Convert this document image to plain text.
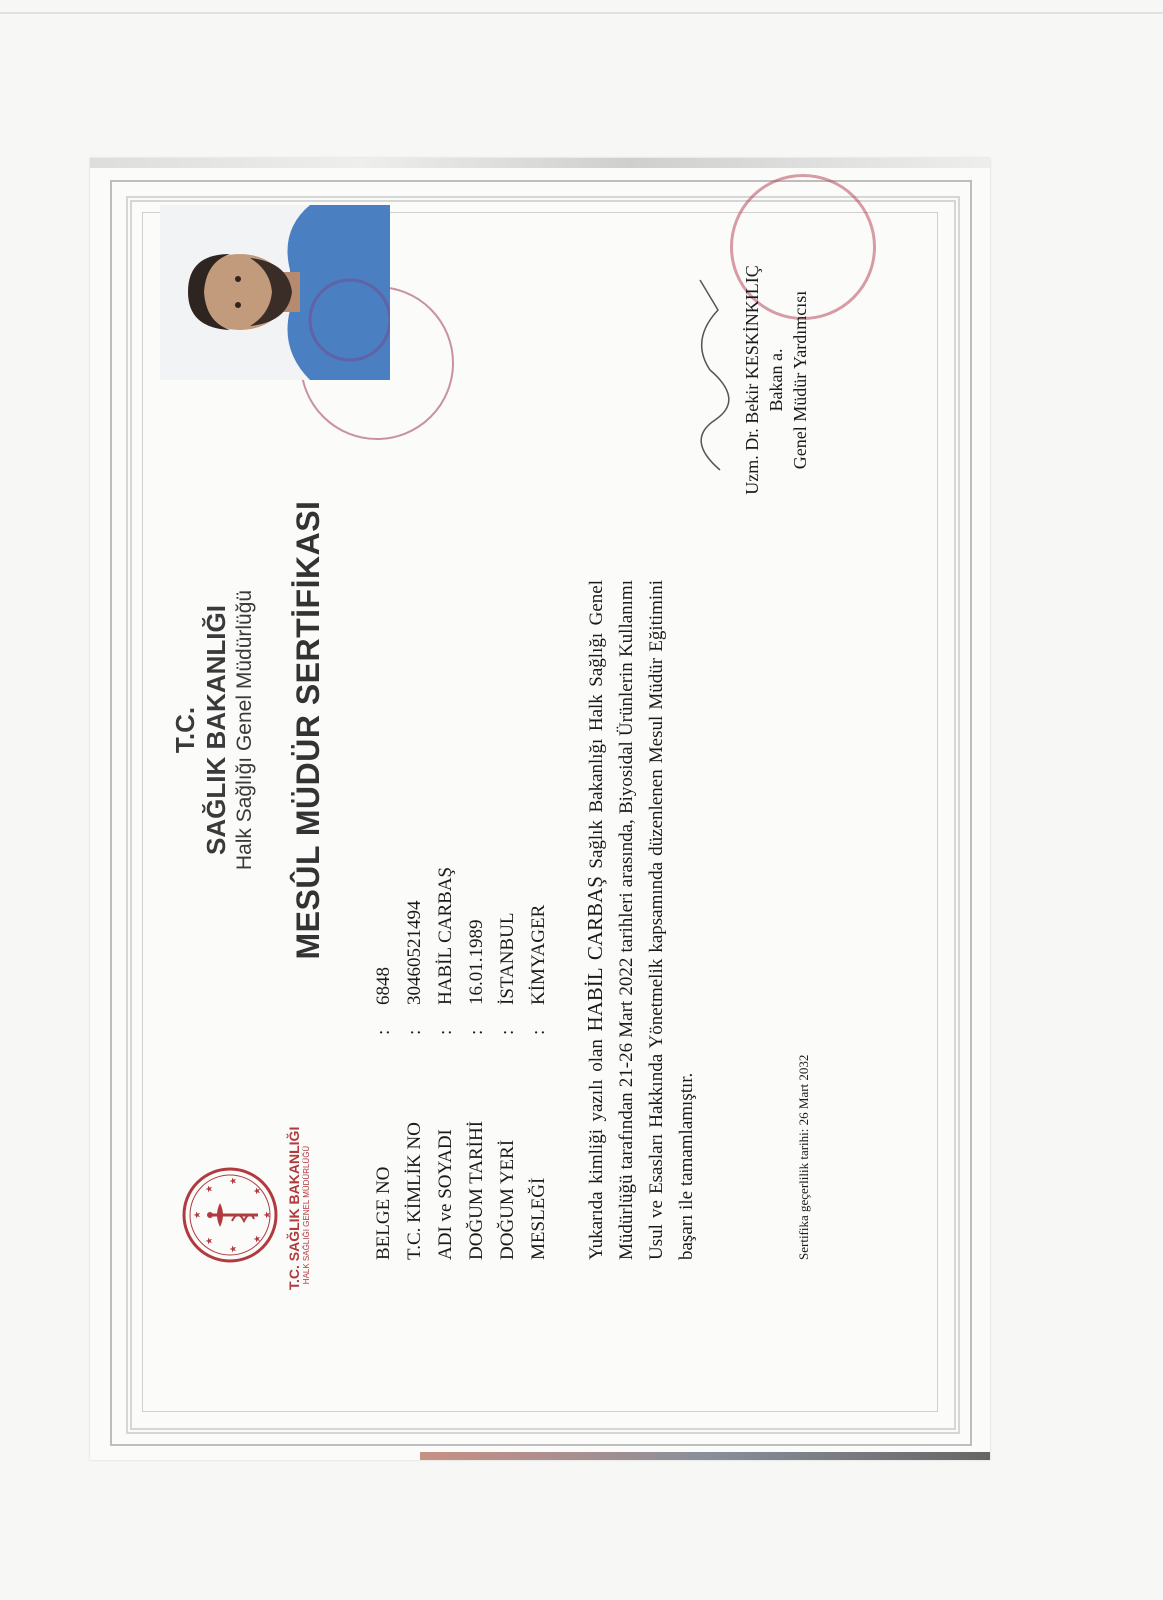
★
★
★
★
★
★
★
★ T.C. SAĞLIK BAKANLIĞI HALK SAĞLIĞI GENEL MÜDÜRLÜĞÜ
T.C. SAĞLIK BAKANLIĞI Halk Sağlığı Genel Müdürlüğü MESÛL MÜDÜR SERTİFİKASI
BELGE NO
:
6848
T.C. KİMLİK NO
:
30460521494
ADI ve SOYADI
:
HABİL CARBAŞ
DOĞUM TARİHİ
:
16.01.1989
DOĞUM YERİ
:
İSTANBUL
MESLEĞİ
:
KİMYAGER
Yukarıda kimliği yazılı olan HABİL CARBAŞ Sağlık Bakanlığı Halk Sağlığı Genel Müdürlüğü tarafından 21-26 Mart 2022 tarihleri arasında, Biyosidal Ürünlerin Kullanımı Usul ve Esasları Hakkında Yönetmelik kapsamında düzenlenen Mesul Müdür Eğitimini başarı ile tamamlamıştır.	Sertifika geçerlilik tarihi: 26 Mart 2032
Uzm. Dr. Bekir KESKİNKILIÇ Bakan a. Genel Müdür Yardımcısı
